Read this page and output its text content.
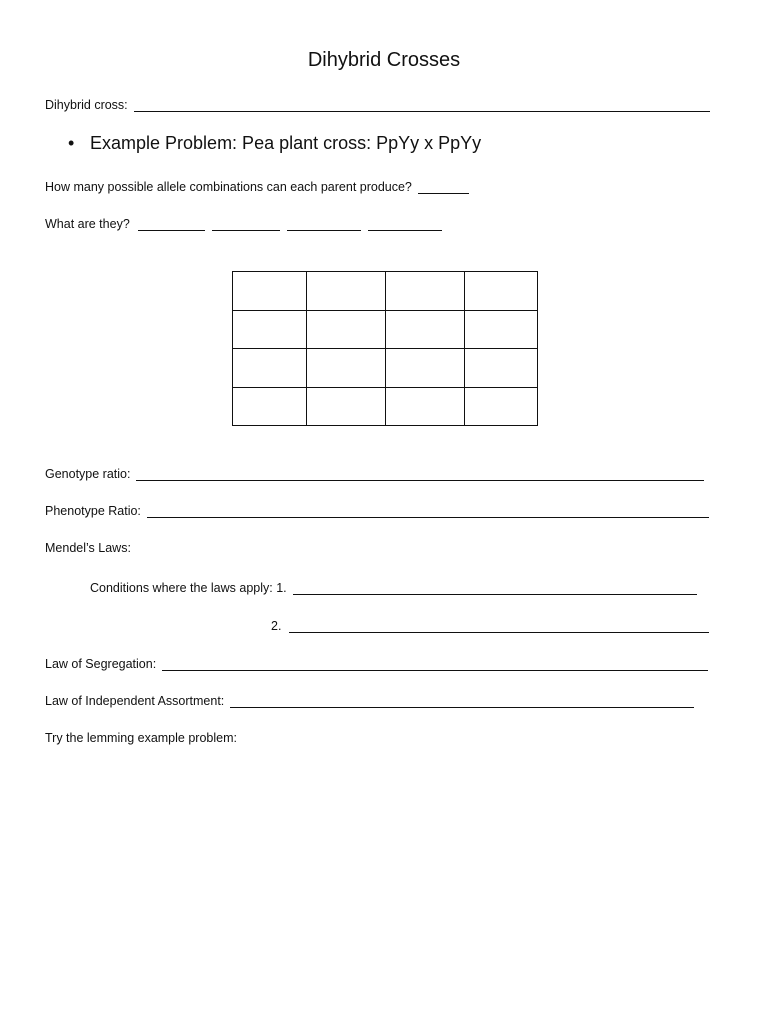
Dihybrid Crosses
Dihybrid cross:
• Example Problem: Pea plant cross: PpYy x PpYy
How many possible allele combinations can each parent produce?
What are they?

Genotype ratio:
Phenotype Ratio:
Mendel’s Laws:
Conditions where the laws apply: 1.
2.
Law of Segregation:
Law of Independent Assortment:
Try the lemming example problem:
